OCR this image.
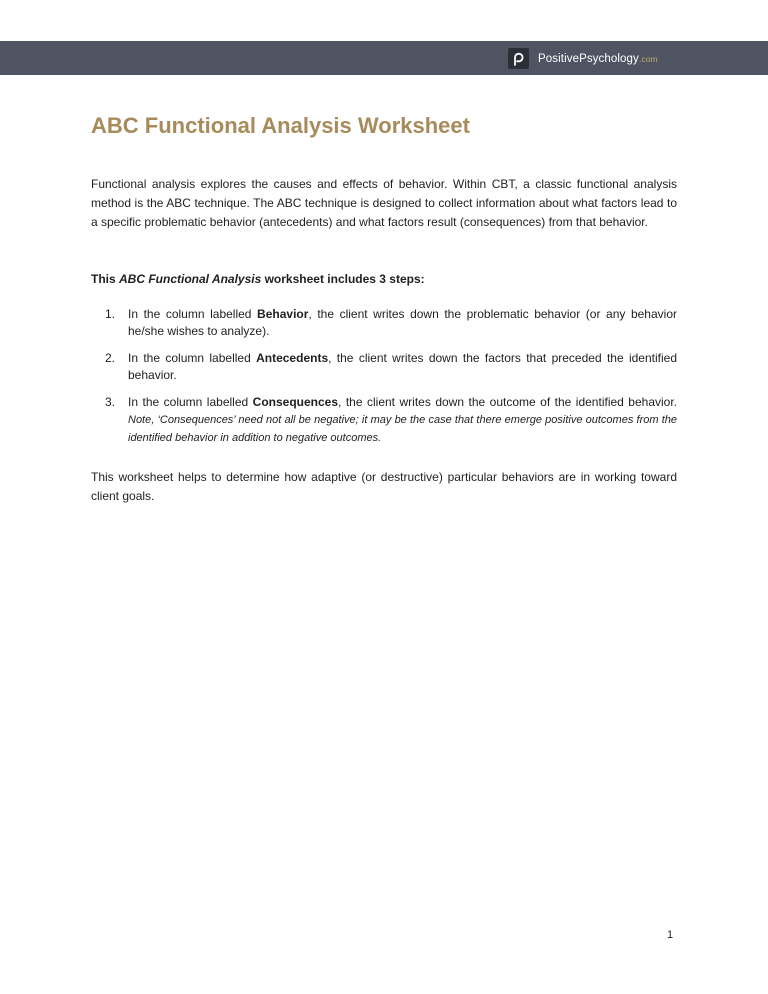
PositivePsychology.com
ABC Functional Analysis Worksheet

Functional analysis explores the causes and effects of behavior. Within CBT, a classic functional analysis method is the ABC technique. The ABC technique is designed to collect information about what factors lead to a specific problematic behavior (antecedents) and what factors result (consequences) from that behavior.

This ABC Functional Analysis worksheet includes 3 steps:

1. In the column labelled Behavior, the client writes down the problematic behavior (or any behavior he/she wishes to analyze).
2. In the column labelled Antecedents, the client writes down the factors that preceded the identified behavior.
3. In the column labelled Consequences, the client writes down the outcome of the identified behavior. Note, ‘Consequences’ need not all be negative; it may be the case that there emerge positive outcomes from the identified behavior in addition to negative outcomes.

This worksheet helps to determine how adaptive (or destructive) particular behaviors are in working toward client goals.

1
